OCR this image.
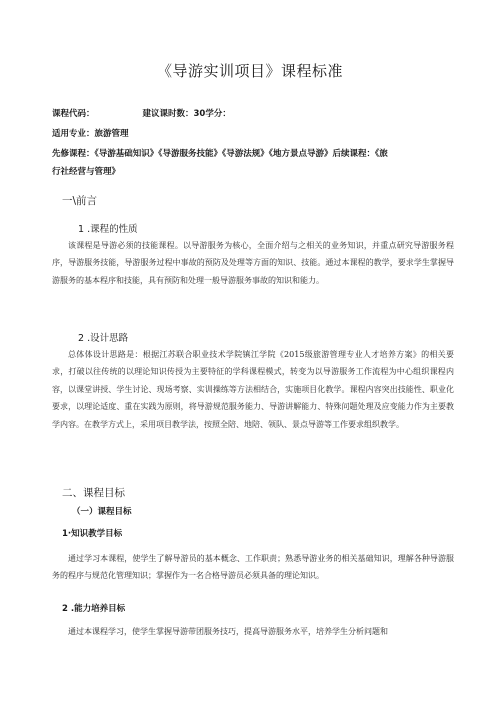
《导游实训项目》课程标准
课程代码：	建议课时数：30学分：
适用专业：旅游管理
先修课程：《导游基础知识》《导游服务技能》《导游法规》《地方景点导游》后续课程：《旅
行社经营与管理》
一\前言
1 .课程的性质
该课程是导游必须的技能课程。以导游服务为核心，全面介绍与之相关的业务知识，并重点研究导游服务程序，导游服务技能，导游服务过程中事故的预防及处理等方面的知识、技能。通过本课程的教学，要求学生掌握导游服务的基本程序和技能，具有预防和处理一般导游服务事故的知识和能力。
2 .设计思路
总体体设计思路是：根据江苏联合职业技术学院镇江学院《2015级旅游管理专业人才培养方案》的相关要求，打破以往传统的以理论知识传授为主要特征的学科课程模式，转变为以导游服务工作流程为中心组织课程内容，以课堂讲授、学生讨论、现场考察、实训操练等方法相结合，实施项目化教学。课程内容突出技能性、职业化要求，以理论适度、重在实践为原则，将导游规范服务能力、导游讲解能力、特殊问题处理及应变能力作为主要教学内容。在教学方式上，采用项目教学法，按照全陪、地陪、领队、景点导游等工作要求组织教学。
二、课程目标
（一）课程目标
1·知识教学目标
通过学习本课程，使学生了解导游员的基本概念、工作职责；熟悉导游业务的相关基础知识，理解各种导游服务的程序与规范化管理知识；掌握作为一名合格导游员必须具备的理论知识。
2 .能力培养目标
通过本课程学习，使学生掌握导游带团服务技巧，提高导游服务水平，培养学生分析问题和
